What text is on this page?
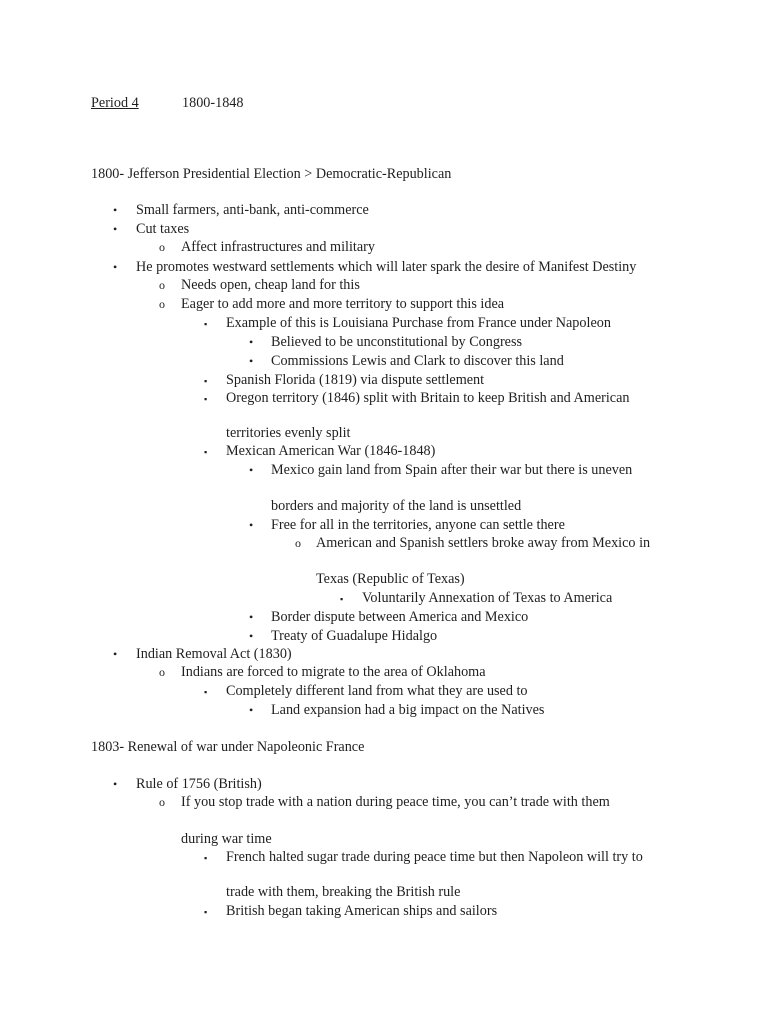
Period 4	1800-1848
1800- Jefferson Presidential Election > Democratic-Republican
• Small farmers, anti-bank, anti-commerce
• Cut taxes
o Affect infrastructures and military
• He promotes westward settlements which will later spark the desire of Manifest Destiny
o Needs open, cheap land for this
o Eager to add more and more territory to support this idea
▪ Example of this is Louisiana Purchase from France under Napoleon
• Believed to be unconstitutional by Congress
• Commissions Lewis and Clark to discover this land
▪ Spanish Florida (1819) via dispute settlement
▪ Oregon territory (1846) split with Britain to keep British and American
territories evenly split
▪ Mexican American War (1846-1848)
• Mexico gain land from Spain after their war but there is uneven
borders and majority of the land is unsettled
• Free for all in the territories, anyone can settle there
o American and Spanish settlers broke away from Mexico in
Texas (Republic of Texas)
▪ Voluntarily Annexation of Texas to America
• Border dispute between America and Mexico
• Treaty of Guadalupe Hidalgo
• Indian Removal Act (1830)
o Indians are forced to migrate to the area of Oklahoma
▪ Completely different land from what they are used to
• Land expansion had a big impact on the Natives
1803- Renewal of war under Napoleonic France
• Rule of 1756 (British)
o If you stop trade with a nation during peace time, you can’t trade with them
during war time
▪ French halted sugar trade during peace time but then Napoleon will try to
trade with them, breaking the British rule
▪ British began taking American ships and sailors
